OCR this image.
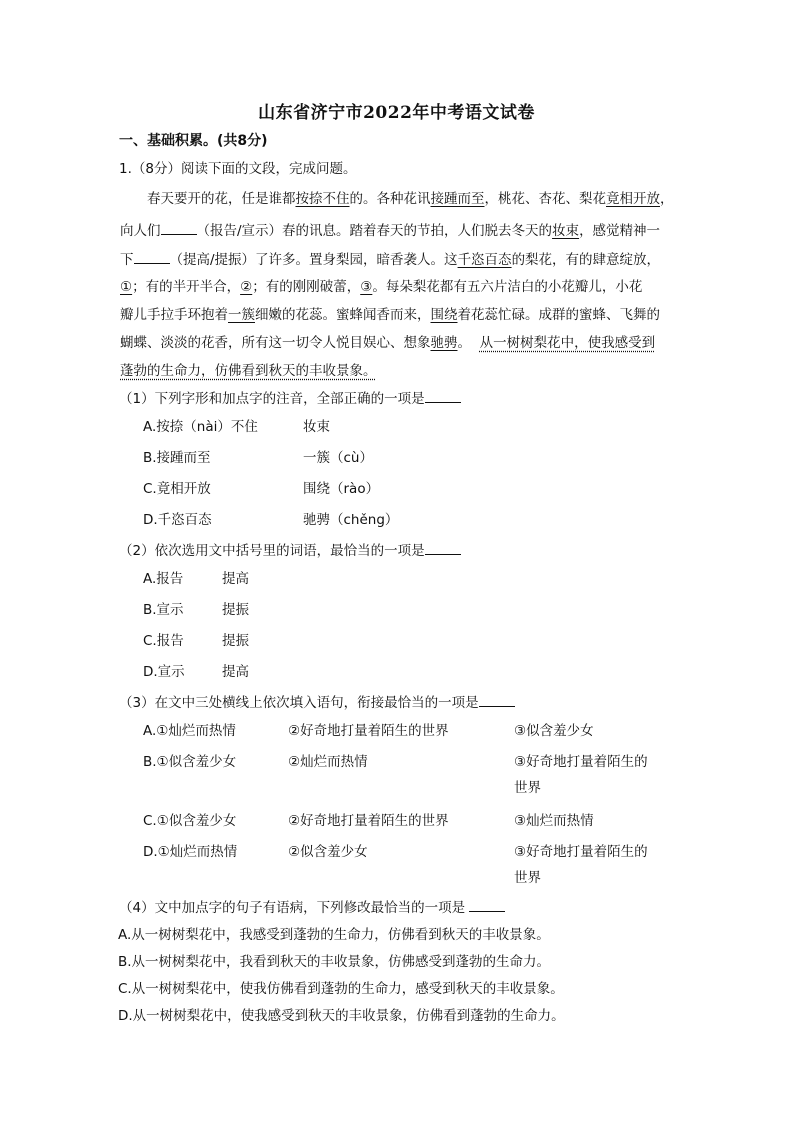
山东省济宁市2022年中考语文试卷
一、基础积累。(共8分)
1.（8分）阅读下面的文段，完成问题。
春天要开的花，任是谁都按捺不住的。各种花讯接踵而至，桃花、杏花、梨花竟相开放，
向人们	（报告/宣示）春的讯息。踏着春天的节拍，人们脱去冬天的妆束，感觉精神一
下	（提高/提振）了许多。置身梨园，暗香袭人。这千恣百态的梨花，有的肆意绽放，
①；有的半开半合，②；有的刚刚破蕾，③。每朵梨花都有五六片洁白的小花瓣儿，小花
瓣儿手拉手环抱着一簇细嫩的花蕊。蜜蜂闻香而来，围绕着花蕊忙碌。成群的蜜蜂、飞舞的
蝴蝶、淡淡的花香，所有这一切令人悦目娱心、想象驰骋。 从一树树梨花中，使我感受到
蓬勃的生命力，仿佛看到秋天的丰收景象。
（1）下列字形和加点字的注音，全部正确的一项是
A.按捺（nài）不住	妆束
B.接踵而至	一簇（cù）
C.竟相开放	围绕（rào）
D.千恣百态	驰骋（chěng）
（2）依次选用文中括号里的词语，最恰当的一项是
A.报告	提高
B.宣示	提振
C.报告	提振
D.宣示	提高
（3）在文中三处横线上依次填入语句，衔接最恰当的一项是
A.①灿烂而热情	②好奇地打量着陌生的世界	③似含羞少女
B.①似含羞少女	②灿烂而热情	③好奇地打量着陌生的
世界
C.①似含羞少女	②好奇地打量着陌生的世界	③灿烂而热情
D.①灿烂而热情	②似含羞少女	③好奇地打量着陌生的
世界
（4）文中加点字的句子有语病，下列修改最恰当的一项是
A.从一树树梨花中，我感受到蓬勃的生命力，仿佛看到秋天的丰收景象。
B.从一树树梨花中，我看到秋天的丰收景象，仿佛感受到蓬勃的生命力。
C.从一树树梨花中，使我仿佛看到蓬勃的生命力，感受到秋天的丰收景象。
D.从一树树梨花中，使我感受到秋天的丰收景象，仿佛看到蓬勃的生命力。
